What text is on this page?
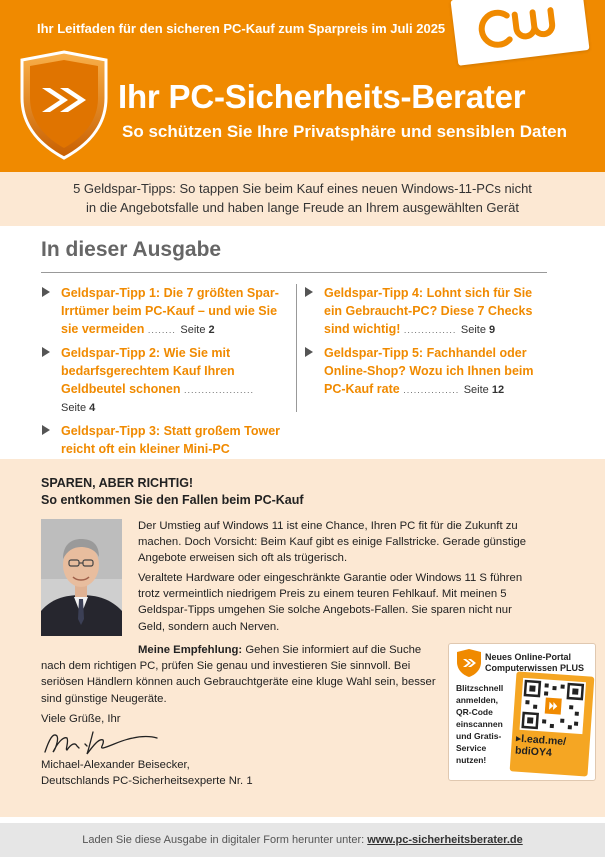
Ihr Leitfaden für den sicheren PC-Kauf zum Sparpreis im Juli 2025
Ihr PC-Sicherheits-Berater
So schützen Sie Ihre Privatsphäre und sensiblen Daten
5 Geldspar-Tipps: So tappen Sie beim Kauf eines neuen Windows-11-PCs nicht
in die Angebotsfalle und haben lange Freude an Ihrem ausgewählten Gerät
In dieser Ausgabe
Geldspar-Tipp 1: Die 7 größten Spar-Irrtümer beim PC-Kauf – und wie Sie sie vermeiden ........ Seite 2
Geldspar-Tipp 2: Wie Sie mit bedarfsgerechtem Kauf Ihren Geldbeutel schonen .................... Seite 4
Geldspar-Tipp 3: Statt großem Tower reicht oft ein kleiner Mini-PC
Geldspar-Tipp 4: Lohnt sich für Sie ein Gebraucht-PC? Diese 7 Checks sind wichtig! ............... Seite 9
Geldspar-Tipp 5: Fachhandel oder Online-Shop? Wozu ich Ihnen beim PC-Kauf rate ................ Seite 12
SPAREN, ABER RICHTIG!
So entkommen Sie den Fallen beim PC-Kauf

Der Umstieg auf Windows 11 ist eine Chance, Ihren PC fit für die Zukunft zu machen. Doch Vorsicht: Beim Kauf gibt es einige Fallstricke. Gerade günstige Angebote erweisen sich oft als trügerisch.

Veraltete Hardware oder eingeschränkte Garantie oder Windows 11 S führen trotz vermeintlich niedrigem Preis zu einem teuren Fehlkauf. Mit meinen 5 Geldspar-Tipps umgehen Sie solche Angebots-Fallen. Sie sparen nicht nur Geld, sondern auch Nerven.

Meine Empfehlung: Gehen Sie informiert auf die Suche nach dem richtigen PC, prüfen Sie genau und investieren Sie sinnvoll. Bei seriösen Händlern können auch Gebrauchtgeräte eine kluge Wahl sein, besser sind günstige Neugeräte.

Viele Grüße, Ihr

Michael-Alexander Beisecker,
Deutschlands PC-Sicherheitsexperte Nr. 1

Neues Online-Portal
Computerwissen PLUS
Blitzschnell
anmelden,
QR-Code
einscannen
und Gratis-
Service
nutzen!
▸l.ead.me/
bdiOY4
Laden Sie diese Ausgabe in digitaler Form herunter unter: www.pc-sicherheitsberater.de
